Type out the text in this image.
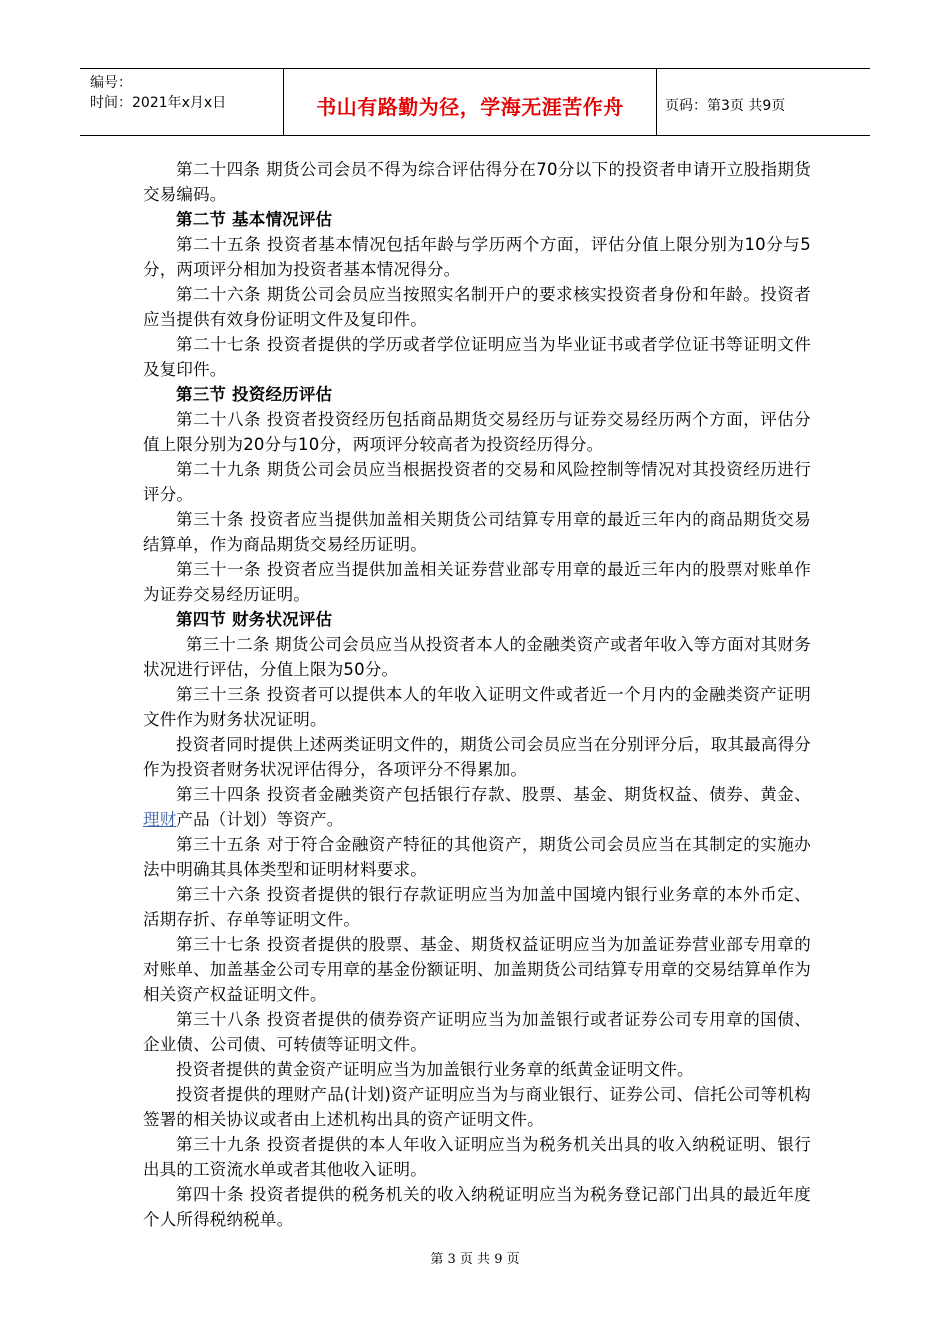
编号：
时间：2021年x月x日	书山有路勤为径，学海无涯苦作舟	页码：第3页 共9页

第二十四条 期货公司会员不得为综合评估得分在70分以下的投资者申请开立股指期货交易编码。

第二节 基本情况评估

第二十五条 投资者基本情况包括年龄与学历两个方面，评估分值上限分别为10分与5分，两项评分相加为投资者基本情况得分。

第二十六条 期货公司会员应当按照实名制开户的要求核实投资者身份和年龄。投资者应当提供有效身份证明文件及复印件。

第二十七条 投资者提供的学历或者学位证明应当为毕业证书或者学位证书等证明文件及复印件。

第三节 投资经历评估

第二十八条 投资者投资经历包括商品期货交易经历与证券交易经历两个方面，评估分值上限分别为20分与10分，两项评分较高者为投资经历得分。

第二十九条 期货公司会员应当根据投资者的交易和风险控制等情况对其投资经历进行评分。

第三十条 投资者应当提供加盖相关期货公司结算专用章的最近三年内的商品期货交易结算单，作为商品期货交易经历证明。

第三十一条 投资者应当提供加盖相关证券营业部专用章的最近三年内的股票对账单作为证券交易经历证明。

第四节 财务状况评估

第三十二条 期货公司会员应当从投资者本人的金融类资产或者年收入等方面对其财务状况进行评估，分值上限为50分。

第三十三条 投资者可以提供本人的年收入证明文件或者近一个月内的金融类资产证明文件作为财务状况证明。

投资者同时提供上述两类证明文件的，期货公司会员应当在分别评分后，取其最高得分作为投资者财务状况评估得分，各项评分不得累加。

第三十四条 投资者金融类资产包括银行存款、股票、基金、期货权益、债券、黄金、理财产品（计划）等资产。

第三十五条 对于符合金融资产特征的其他资产，期货公司会员应当在其制定的实施办法中明确其具体类型和证明材料要求。

第三十六条 投资者提供的银行存款证明应当为加盖中国境内银行业务章的本外币定、活期存折、存单等证明文件。

第三十七条 投资者提供的股票、基金、期货权益证明应当为加盖证券营业部专用章的对账单、加盖基金公司专用章的基金份额证明、加盖期货公司结算专用章的交易结算单作为相关资产权益证明文件。

第三十八条 投资者提供的债券资产证明应当为加盖银行或者证券公司专用章的国债、企业债、公司债、可转债等证明文件。

投资者提供的黄金资产证明应当为加盖银行业务章的纸黄金证明文件。

投资者提供的理财产品(计划)资产证明应当为与商业银行、证券公司、信托公司等机构签署的相关协议或者由上述机构出具的资产证明文件。

第三十九条 投资者提供的本人年收入证明应当为税务机关出具的收入纳税证明、银行出具的工资流水单或者其他收入证明。

第四十条 投资者提供的税务机关的收入纳税证明应当为税务登记部门出具的最近年度个人所得税纳税单。

第 3 页 共 9 页
